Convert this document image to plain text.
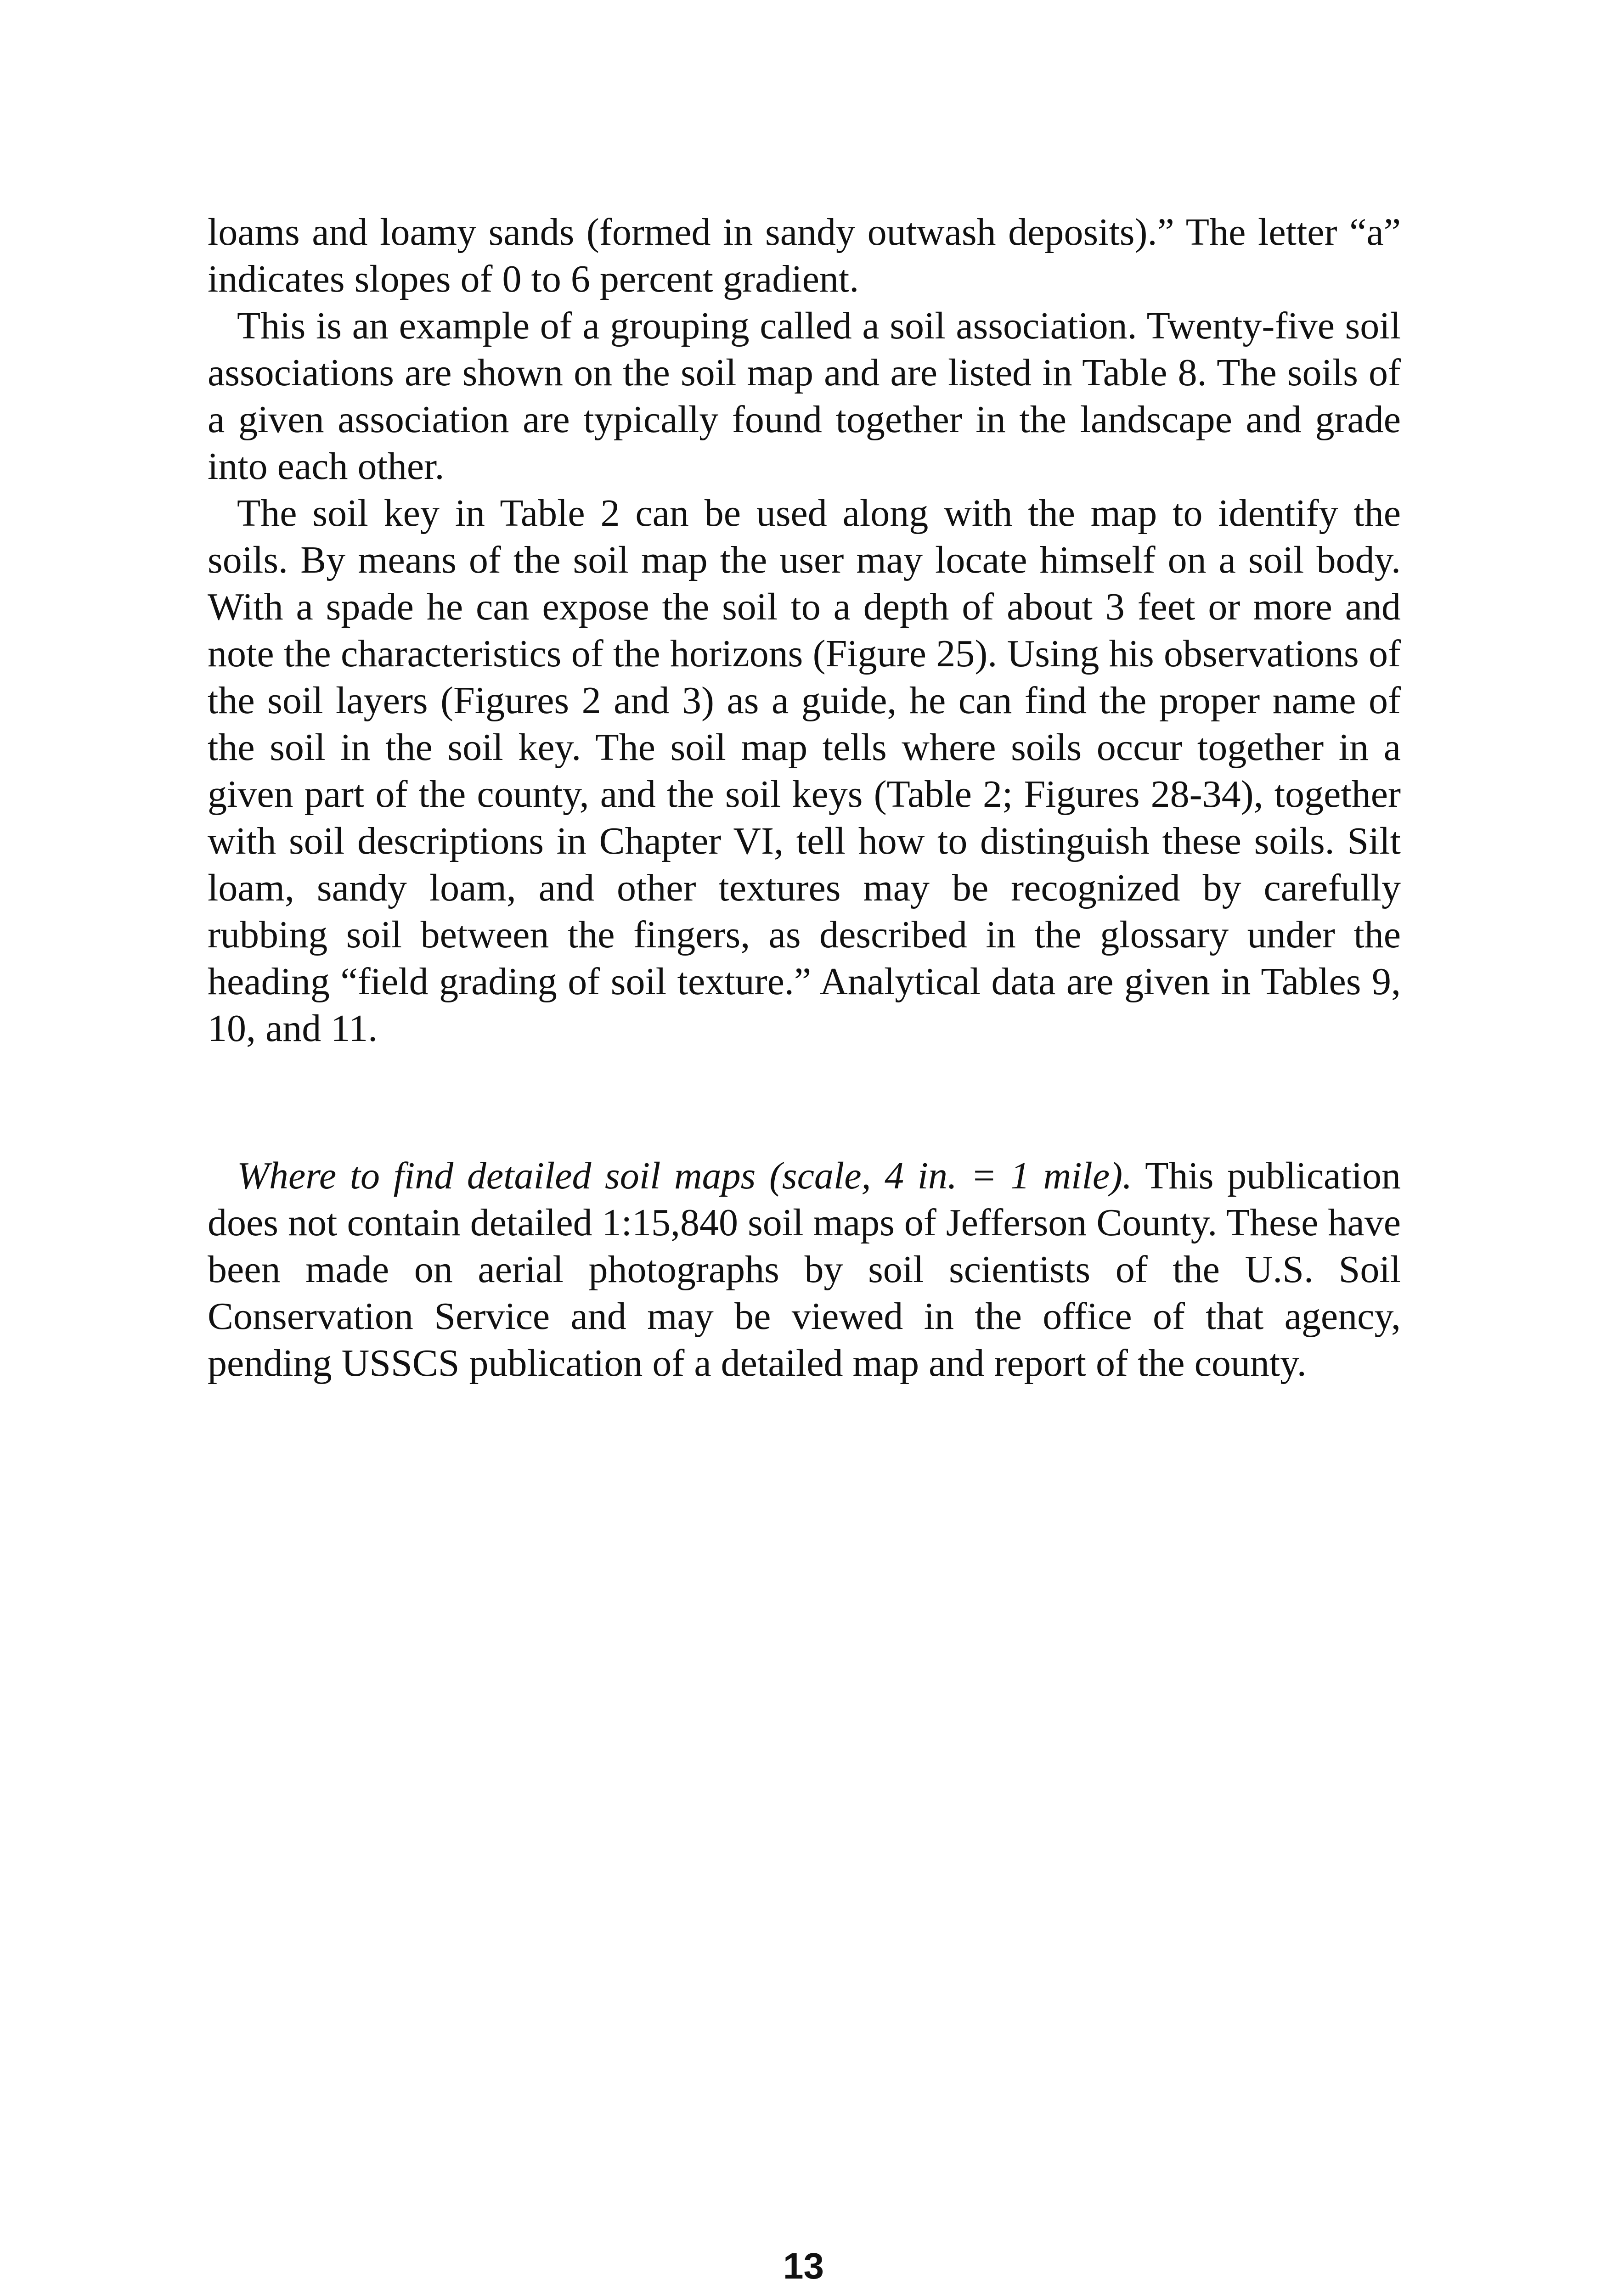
loams and loamy sands (formed in sandy outwash deposits).” The letter “a” indicates slopes of 0 to 6 percent gradient.

This is an example of a grouping called a soil association. Twenty-five soil associations are shown on the soil map and are listed in Table 8. The soils of a given association are typically found together in the landscape and grade into each other.

The soil key in Table 2 can be used along with the map to identify the soils. By means of the soil map the user may locate himself on a soil body. With a spade he can expose the soil to a depth of about 3 feet or more and note the characteristics of the horizons (Figure 25). Using his observations of the soil layers (Figures 2 and 3) as a guide, he can find the proper name of the soil in the soil key. The soil map tells where soils occur together in a given part of the county, and the soil keys (Table 2; Figures 28-34), together with soil descriptions in Chapter VI, tell how to distinguish these soils. Silt loam, sandy loam, and other textures may be recognized by carefully rubbing soil between the fingers, as described in the glossary under the heading “field grading of soil texture.” Analytical data are given in Tables 9, 10, and 11.

Where to find detailed soil maps (scale, 4 in. = 1 mile). This publication does not contain detailed 1:15,840 soil maps of Jefferson County. These have been made on aerial photographs by soil scientists of the U.S. Soil Conservation Service and may be viewed in the office of that agency, pending USSCS publication of a detailed map and report of the county.

13
